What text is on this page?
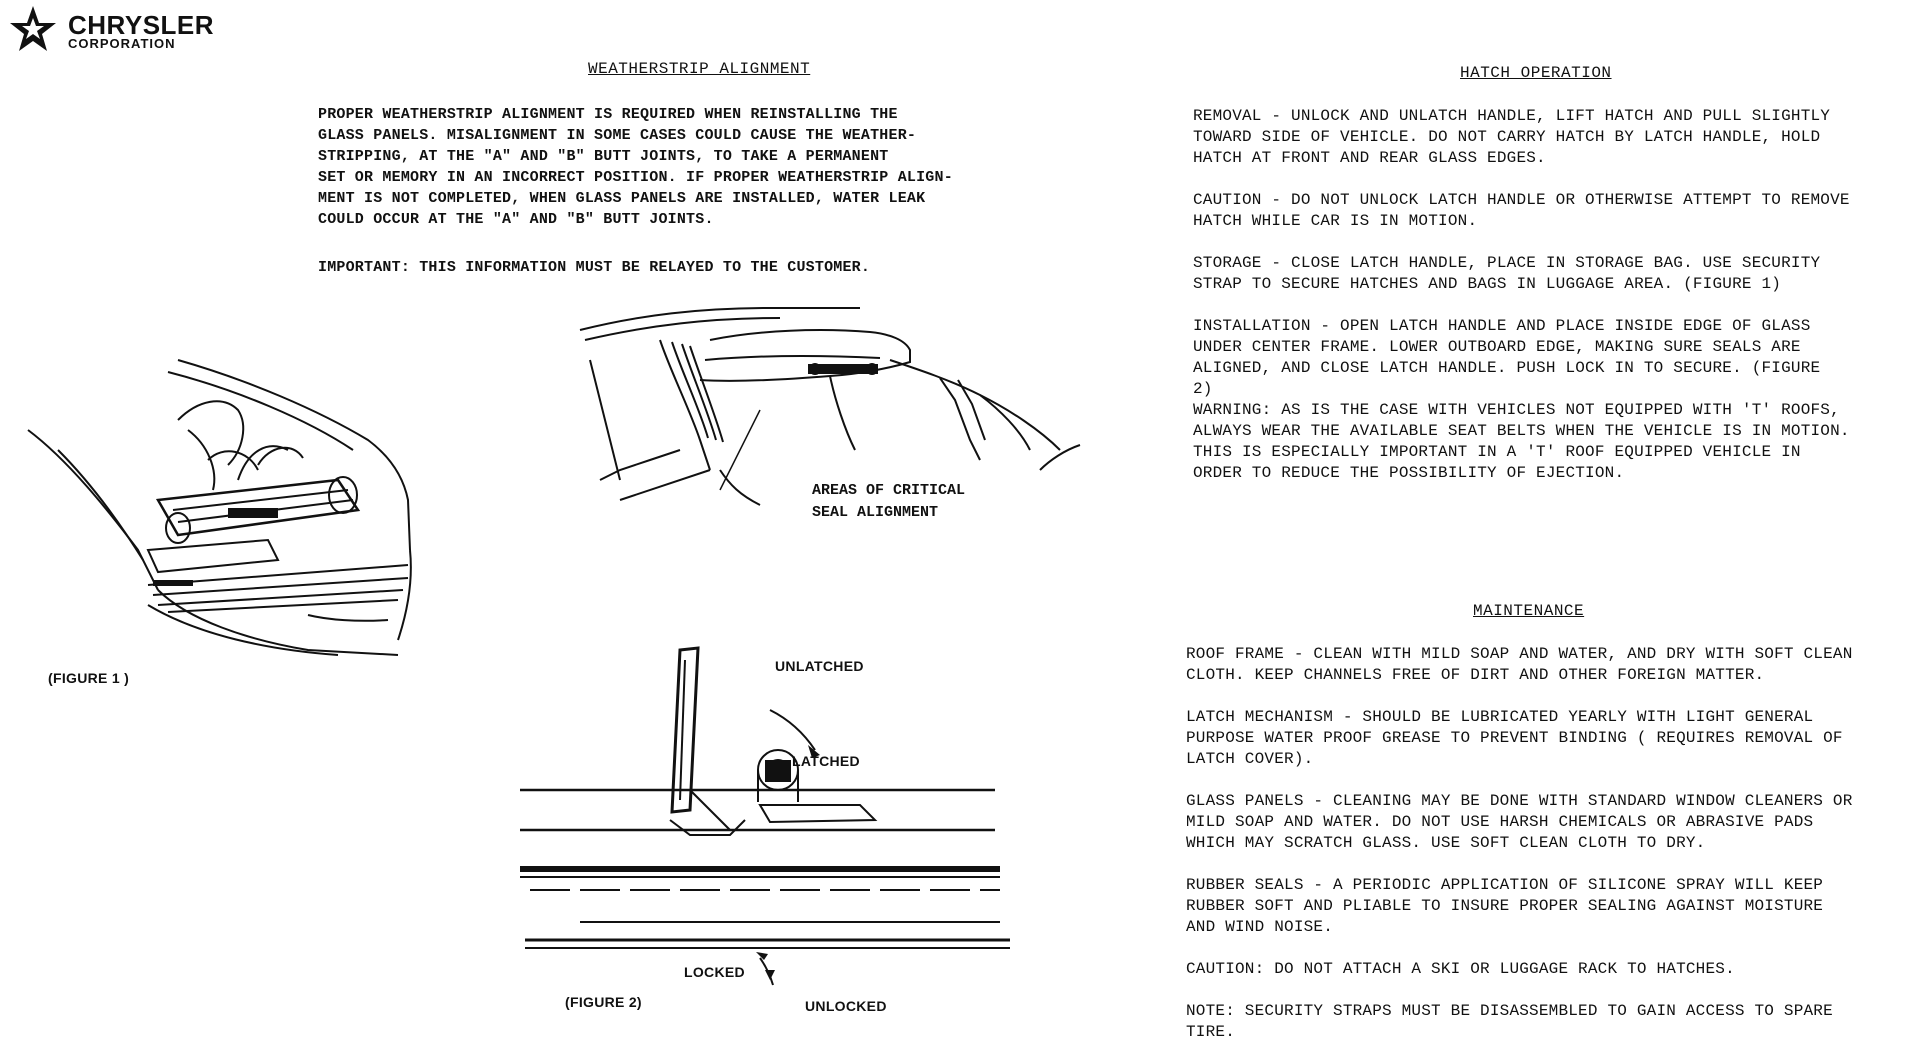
CHRYSLER
CORPORATION
WEATHERSTRIP ALIGNMENT
PROPER WEATHERSTRIP ALIGNMENT IS REQUIRED WHEN REINSTALLING THE
GLASS PANELS. MISALIGNMENT IN SOME CASES COULD CAUSE THE WEATHER-
STRIPPING, AT THE "A" AND "B" BUTT JOINTS, TO TAKE A PERMANENT
SET OR MEMORY IN AN INCORRECT POSITION. IF PROPER WEATHERSTRIP ALIGN-
MENT IS NOT COMPLETED, WHEN GLASS PANELS ARE INSTALLED, WATER LEAK
COULD OCCUR AT THE "A" AND "B" BUTT JOINTS.
IMPORTANT: THIS INFORMATION MUST BE RELAYED TO THE CUSTOMER.
HATCH OPERATION
REMOVAL - UNLOCK AND UNLATCH HANDLE, LIFT HATCH AND PULL SLIGHTLY
TOWARD SIDE OF VEHICLE. DO NOT CARRY HATCH BY LATCH HANDLE, HOLD
HATCH AT FRONT AND REAR GLASS EDGES.
CAUTION - DO NOT UNLOCK LATCH HANDLE OR OTHERWISE ATTEMPT TO REMOVE
HATCH WHILE CAR IS IN MOTION.
STORAGE - CLOSE LATCH HANDLE, PLACE IN STORAGE BAG. USE SECURITY
STRAP TO SECURE HATCHES AND BAGS IN LUGGAGE AREA. (FIGURE 1)
INSTALLATION - OPEN LATCH HANDLE AND PLACE INSIDE EDGE OF GLASS
UNDER CENTER FRAME. LOWER OUTBOARD EDGE, MAKING SURE SEALS ARE
ALIGNED, AND CLOSE LATCH HANDLE. PUSH LOCK IN TO SECURE. (FIGURE
2)
WARNING: AS IS THE CASE WITH VEHICLES NOT EQUIPPED WITH 'T' ROOFS,
ALWAYS WEAR THE AVAILABLE SEAT BELTS WHEN THE VEHICLE IS IN MOTION.
THIS IS ESPECIALLY IMPORTANT IN A 'T' ROOF EQUIPPED VEHICLE IN
ORDER TO REDUCE THE POSSIBILITY OF EJECTION.
MAINTENANCE
ROOF FRAME - CLEAN WITH MILD SOAP AND WATER, AND DRY WITH SOFT CLEAN
CLOTH. KEEP CHANNELS FREE OF DIRT AND OTHER FOREIGN MATTER.
LATCH MECHANISM - SHOULD BE LUBRICATED YEARLY WITH LIGHT GENERAL
PURPOSE WATER PROOF GREASE TO PREVENT BINDING ( REQUIRES REMOVAL OF
LATCH COVER).
GLASS PANELS - CLEANING MAY BE DONE WITH STANDARD WINDOW CLEANERS OR
MILD SOAP AND WATER. DO NOT USE HARSH CHEMICALS OR ABRASIVE PADS
WHICH MAY SCRATCH GLASS. USE SOFT CLEAN CLOTH TO DRY.
RUBBER SEALS - A PERIODIC APPLICATION OF SILICONE SPRAY WILL KEEP
RUBBER SOFT AND PLIABLE TO INSURE PROPER SEALING AGAINST MOISTURE
AND WIND NOISE.
CAUTION: DO NOT ATTACH A SKI OR LUGGAGE RACK TO HATCHES.
NOTE: SECURITY STRAPS MUST BE DISASSEMBLED TO GAIN ACCESS TO SPARE
TIRE.
(FIGURE 1 )
AREAS OF CRITICAL
SEAL ALIGNMENT
UNLATCHED
LATCHED
LOCKED
UNLOCKED
(FIGURE 2)
